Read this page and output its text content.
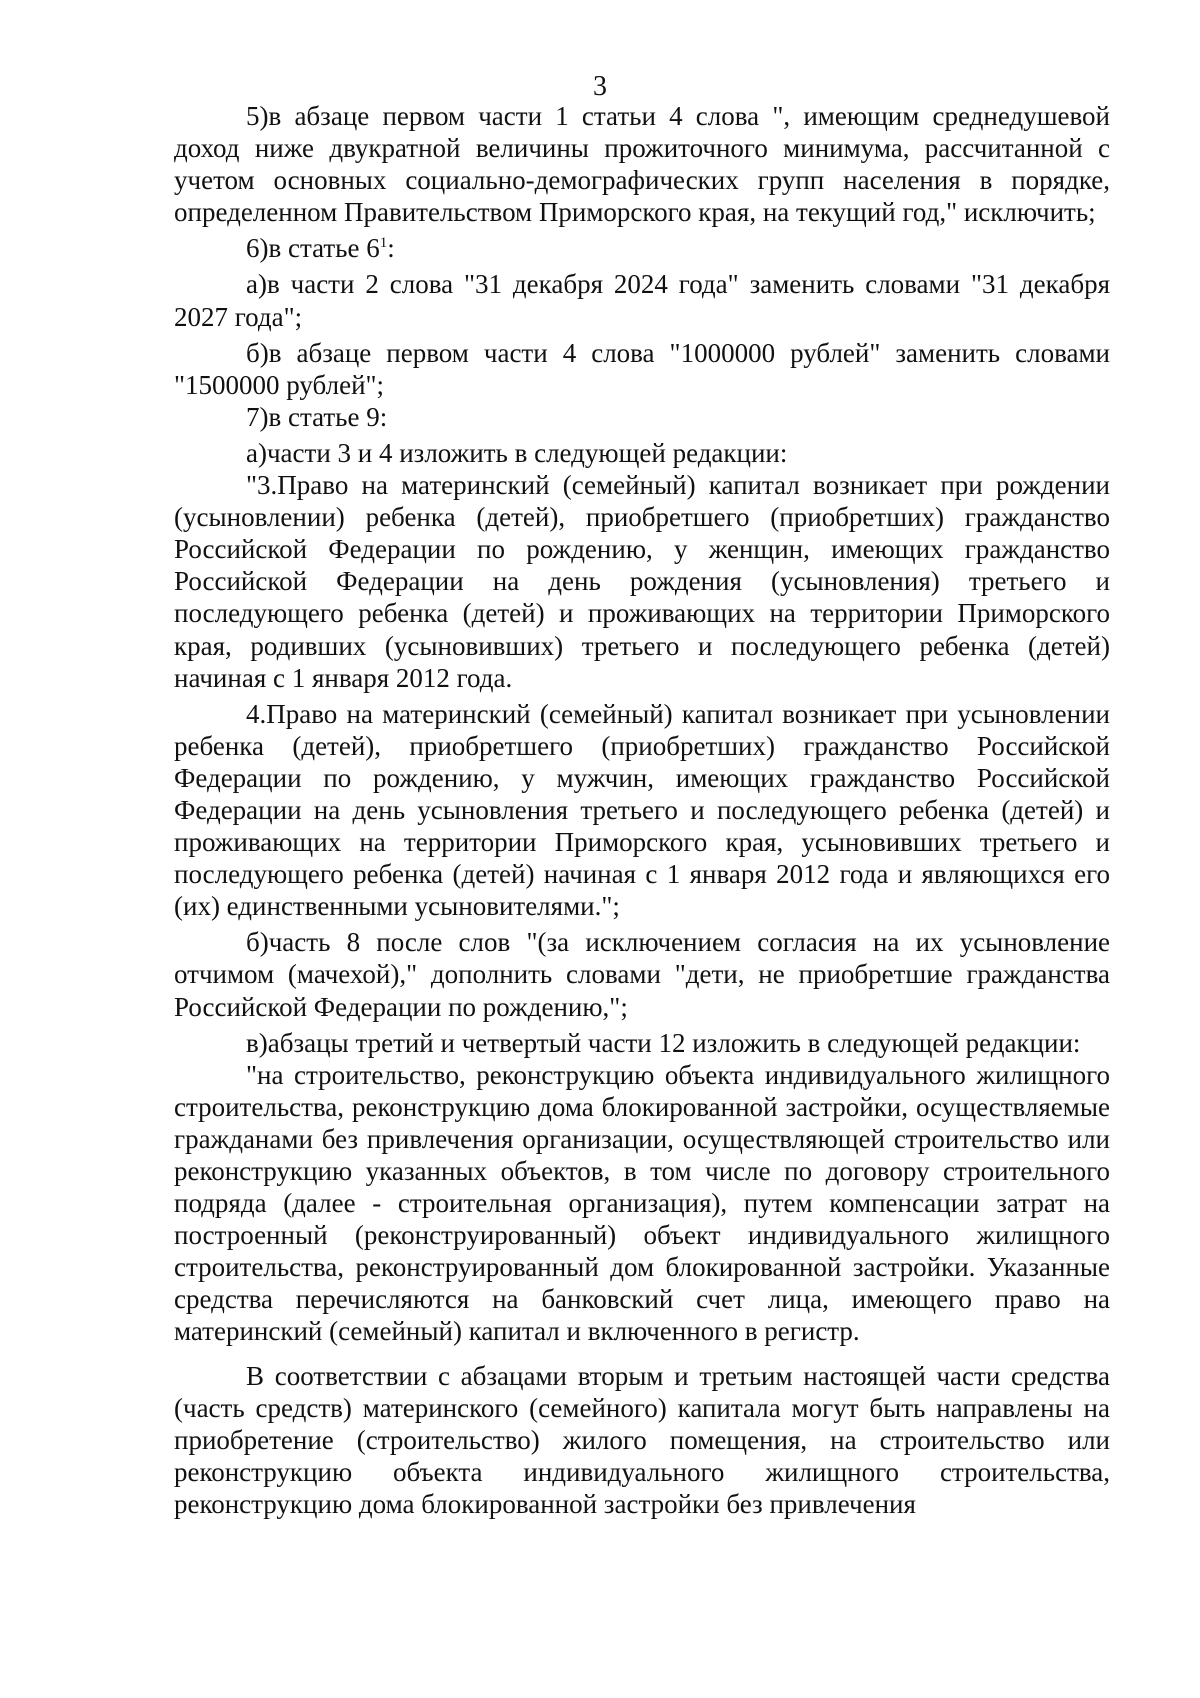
3

5)в абзаце первом части 1 статьи 4 слова ", имеющим среднедушевой доход ниже двукратной величины прожиточного минимума, рассчитанной с учетом основных социально-демографических групп населения в порядке, определенном Правительством Приморского края, на текущий год," исключить;

6)в статье $6^1$:

а)в части 2 слова "31 декабря 2024 года" заменить словами "31 декабря 2027 года";

б)в абзаце первом части 4 слова "1000000 рублей" заменить словами "1500000 рублей";

7)в статье 9:

а)части 3 и 4 изложить в следующей редакции:

"3.Право на материнский (семейный) капитал возникает при рождении (усыновлении) ребенка (детей), приобретшего (приобретших) гражданство Российской Федерации по рождению, у женщин, имеющих гражданство Российской Федерации на день рождения (усыновления) третьего и последующего ребенка (детей) и проживающих на территории Приморского края, родивших (усыновивших) третьего и последующего ребенка (детей) начиная с 1 января 2012 года.

4.Право на материнский (семейный) капитал возникает при усыновлении ребенка (детей), приобретшего (приобретших) гражданство Российской Федерации по рождению, у мужчин, имеющих гражданство Российской Федерации на день усыновления третьего и последующего ребенка (детей) и проживающих на территории Приморского края, усыновивших третьего и последующего ребенка (детей) начиная с 1 января 2012 года и являющихся его (их) единственными усыновителями.";

б)часть 8 после слов "(за исключением согласия на их усыновление отчимом (мачехой)," дополнить словами "дети, не приобретшие гражданства Российской Федерации по рождению,";

в)абзацы третий и четвертый части 12 изложить в следующей редакции:

"на строительство, реконструкцию объекта индивидуального жилищного строительства, реконструкцию дома блокированной застройки, осуществляемые гражданами без привлечения организации, осуществляющей строительство или реконструкцию указанных объектов, в том числе по договору строительного подряда (далее - строительная организация), путем компенсации затрат на построенный (реконструированный) объект индивидуального жилищного строительства, реконструированный дом блокированной застройки. Указанные средства перечисляются на банковский счет лица, имеющего право на материнский (семейный) капитал и включенного в регистр.

В соответствии с абзацами вторым и третьим настоящей части средства (часть средств) материнского (семейного) капитала могут быть направлены на приобретение (строительство) жилого помещения, на строительство или реконструкцию объекта индивидуального жилищного строительства, реконструкцию дома блокированной застройки без привлечения
